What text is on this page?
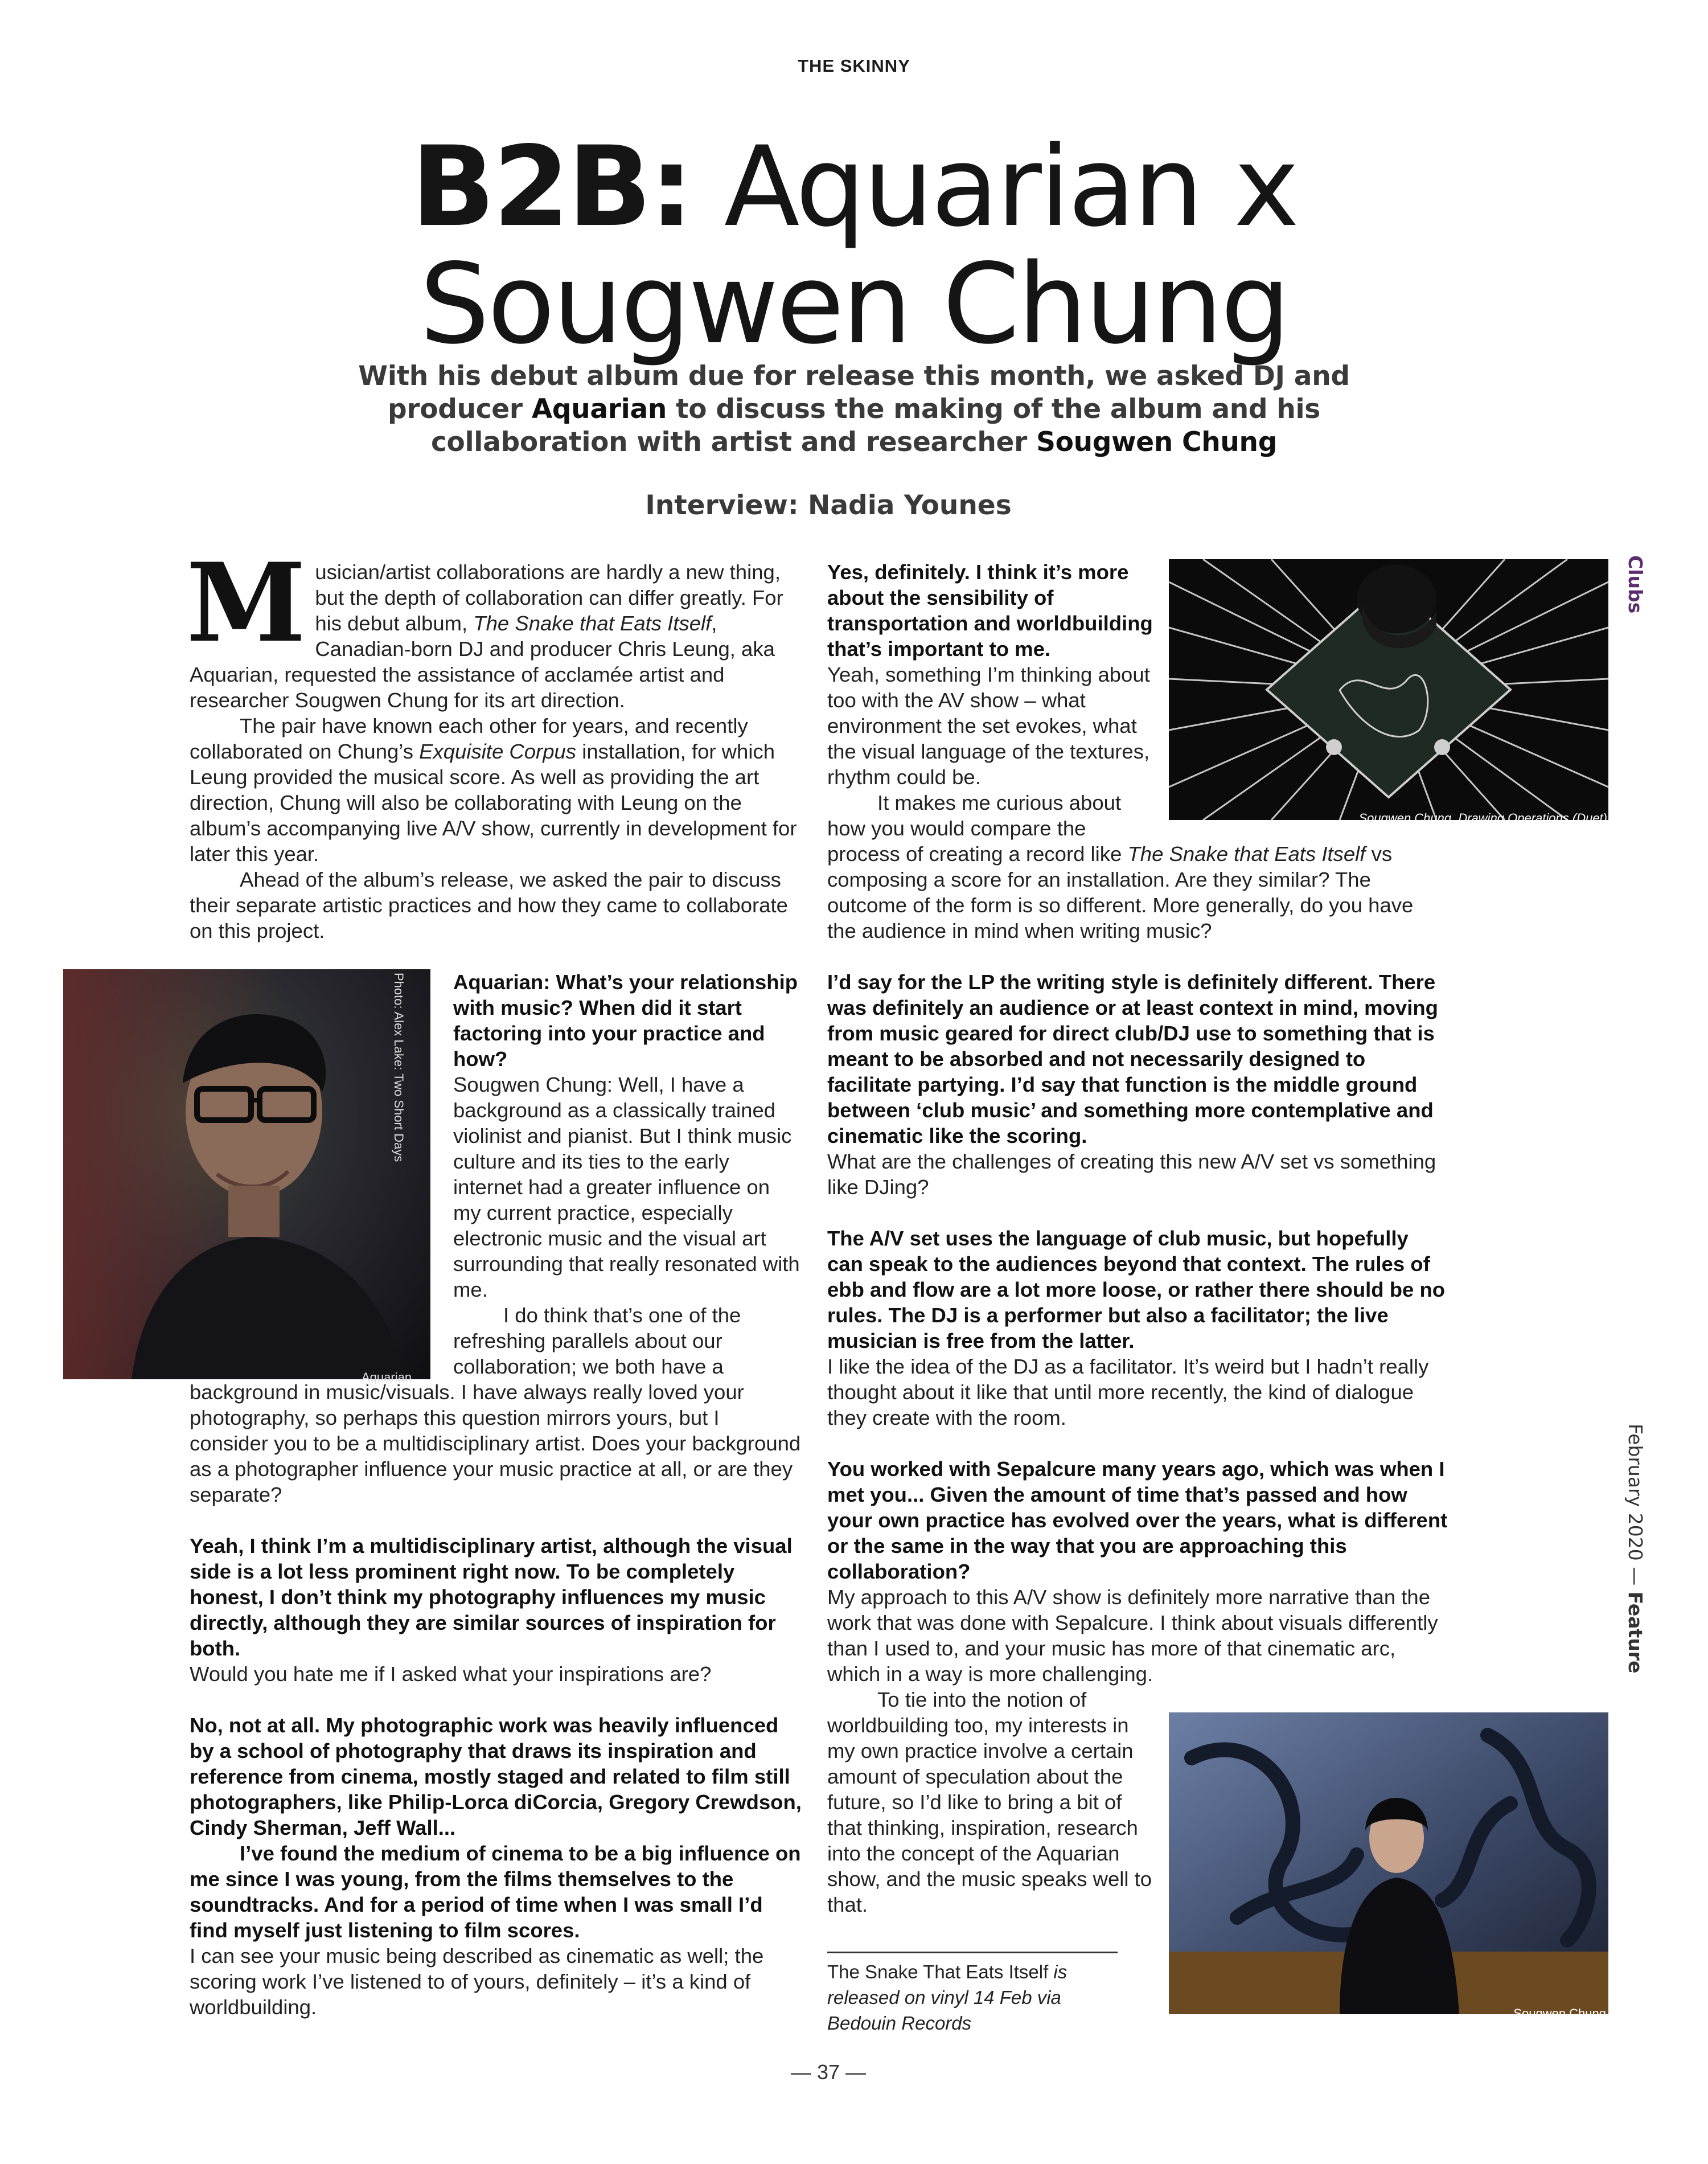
THE SKINNY
B2B: Aquarian x
Sougwen Chung
With his debut album due for release this month, we asked DJ and producer Aquarian to discuss the making of the album and his collaboration with artist and researcher Sougwen Chung
Interview: Nadia Younes
Clubs
February 2020 — Feature

Musician/artist collaborations are hardly a new thing, but the depth of collaboration can differ greatly. For his debut album, The Snake that Eats Itself, Canadian-born DJ and producer Chris Leung, aka Aquarian, requested the assistance of acclamée artist and researcher Sougwen Chung for its art direction.

The pair have known each other for years, and recently collaborated on Chung’s Exquisite Corpus installation, for which Leung provided the musical score. As well as providing the art direction, Chung will also be collaborating with Leung on the album’s accompanying live A/V show, currently in development for later this year.

Ahead of the album’s release, we asked the pair to discuss their separate artistic practices and how they came to collaborate on this project.

Aquarian
Photo: Alex Lake: Two Short Days	Aquarian: What’s your relationship with music? When did it start factoring into your practice and how?

Sougwen Chung: Well, I have a background as a classically trained violinist and pianist. But I think music culture and its ties to the early internet had a greater influence on my current practice, especially electronic music and the visual art surrounding that really resonated with me.

I do think that’s one of the refreshing parallels about our collaboration; we both have a background in music/visuals. I have always really loved your photography, so perhaps this question mirrors yours, but I consider you to be a multidisciplinary artist. Does your background as a photographer influence your music practice at all, or are they separate?

Yeah, I think I’m a multidisciplinary artist, although the visual side is a lot less prominent right now. To be completely honest, I don’t think my photography influences my music directly, although they are similar sources of inspiration for both.

Would you hate me if I asked what your inspirations are?

No, not at all. My photographic work was heavily influenced by a school of photography that draws its inspiration and reference from cinema, mostly staged and related to film still photographers, like Philip-Lorca diCorcia, Gregory Crewdson, Cindy Sherman, Jeff Wall...

I’ve found the medium of cinema to be a big influence on me since I was young, from the films themselves to the soundtracks. And for a period of time when I was small I’d find myself just listening to film scores.

I can see your music being described as cinematic as well; the scoring work I’ve listened to of yours, definitely – it’s a kind of worldbuilding.

Sougwen Chung, Drawing Operations (Duet)

Yes, definitely. I think it’s more about the sensibility of transportation and worldbuilding that’s important to me.

Yeah, something I’m thinking about too with the AV show – what environment the set evokes, what the visual language of the textures, rhythm could be.

It makes me curious about how you would compare the process of creating a record like The Snake that Eats Itself vs composing a score for an installation. Are they similar? The outcome of the form is so different. More generally, do you have the audience in mind when writing music?

I’d say for the LP the writing style is definitely different. There was definitely an audience or at least context in mind, moving from music geared for direct club/DJ use to something that is meant to be absorbed and not necessarily designed to facilitate partying. I’d say that function is the middle ground between ‘club music’ and something more contemplative and cinematic like the scoring.

What are the challenges of creating this new A/V set vs something like DJing?

The A/V set uses the language of club music, but hopefully can speak to the audiences beyond that context. The rules of ebb and flow are a lot more loose, or rather there should be no rules. The DJ is a performer but also a facilitator; the live musician is free from the latter.

I like the idea of the DJ as a facilitator. It’s weird but I hadn’t really thought about it like that until more recently, the kind of dialogue they create with the room.

You worked with Sepalcure many years ago, which was when I met you... Given the amount of time that’s passed and how your own practice has evolved over the years, what is different or the same in the way that you are approaching this collaboration?

My approach to this A/V show is definitely more narrative than the work that was done with Sepalcure. I think about visuals differently than I used to, and your music has more of that cinematic arc, which in a way is more challenging.

Sougwen Chung

To tie into the notion of worldbuilding too, my interests in my own practice involve a certain amount of speculation about the future, so I’d like to bring a bit of that thinking, inspiration, research into the concept of the Aquarian show, and the music speaks well to that.

The Snake That Eats Itself is released on vinyl 14 Feb via Bedouin Records
— 37 —
